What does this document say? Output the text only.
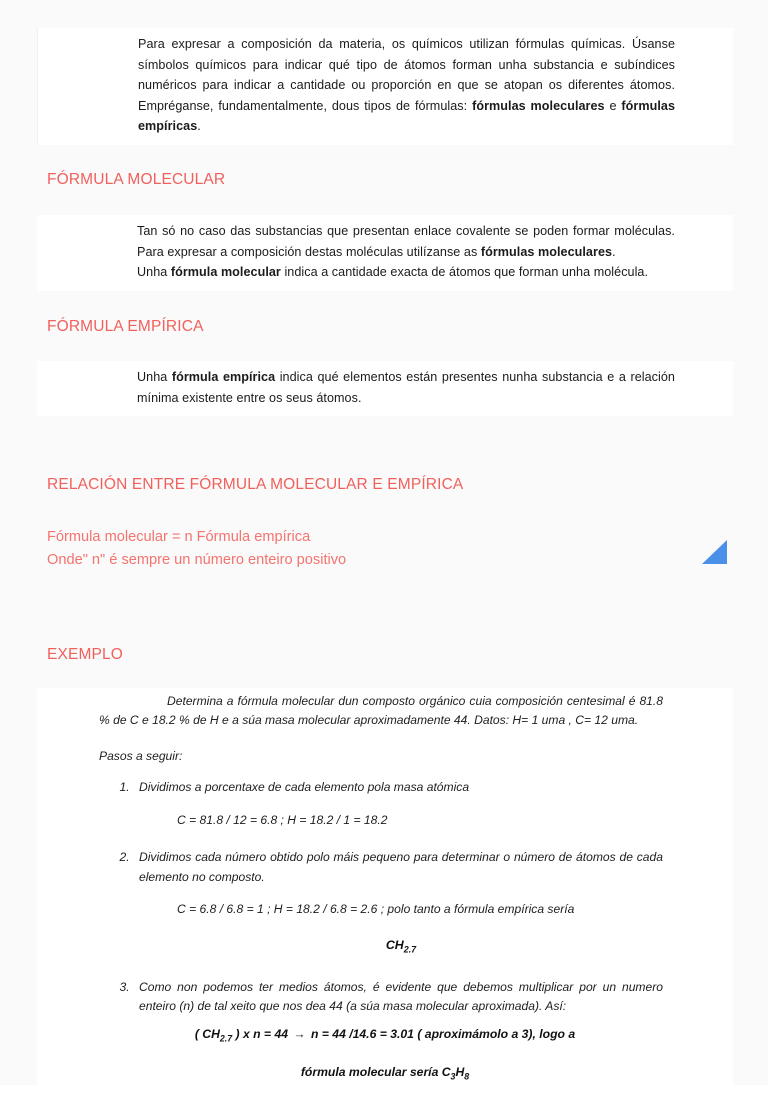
Para expresar a composición da materia, os químicos utilizan fórmulas químicas. Úsanse símbolos químicos para indicar qué tipo de átomos forman unha substancia e subíndices numéricos para indicar a cantidade ou proporción en que se atopan os diferentes átomos. Empréganse, fundamentalmente, dous tipos de fórmulas: fórmulas moleculares e fórmulas empíricas.

FÓRMULA MOLECULAR

Tan só no caso das substancias que presentan enlace covalente se poden formar moléculas. Para expresar a composición destas moléculas utilízanse as fórmulas moleculares.

Unha fórmula molecular indica a cantidade exacta de átomos que forman unha molécula.

FÓRMULA EMPÍRICA

Unha fórmula empírica indica qué elementos están presentes nunha substancia e a relación mínima existente entre os seus átomos.

RELACIÓN ENTRE FÓRMULA MOLECULAR E EMPÍRICA
Fórmula molecular = n Fórmula empírica
Onde" n" é sempre un número enteiro positivo
EXEMPLO

Determina a fórmula molecular dun composto orgánico cuia composición centesimal é 81.8 % de C e 18.2 % de H e a súa masa molecular aproximadamente 44. Datos: H= 1 uma , C= 12 uma.

Pasos a seguir:

1. Dividimos a porcentaxe de cada elemento pola masa atómica
C = 81.8 / 12 = 6.8 ; H = 18.2 / 1 = 18.2
2. Dividimos cada número obtido polo máis pequeno para determinar o número de átomos de cada elemento no composto.
C = 6.8 / 6.8 = 1 ; H = 18.2 / 6.8 = 2.6 ; polo tanto a fórmula empírica sería
$CH_{2.7}$
3. Como non podemos ter medios átomos, é evidente que debemos multiplicar por un numero enteiro (n) de tal xeito que nos dea 44 (a súa masa molecular aproximada). Así:
( $CH_{2.7}$ ) x n = 44 → n = 44 /14.6 = 3.01 ( aproximámolo a 3), logo a
fórmula molecular sería $C_3H_8$
